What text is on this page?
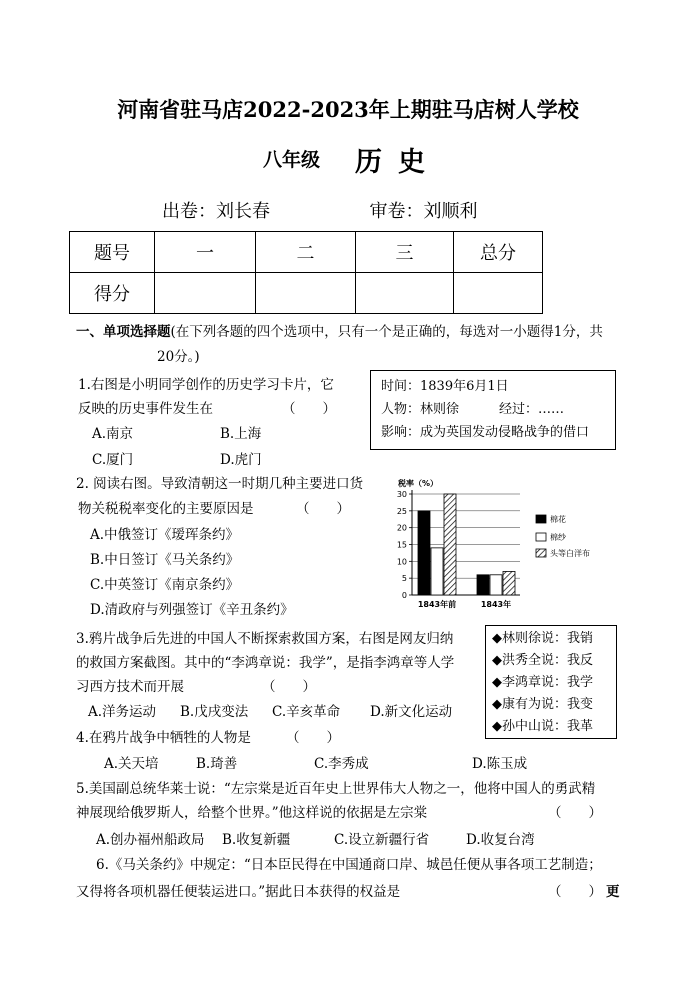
河南省驻马店2022-2023年上期驻马店树人学校
八年级 历史
出卷：刘长春	审卷：刘顺利
题号	一	二	三	总分
得分				
一、单项选择题(在下列各题的四个选项中，只有一个是正确的，每选对一小题得1分，共
20分。)
1.右图是小明同学创作的历史学习卡片，它
反映的历史事件发生在	（　　）
A.南京	B.上海
C.厦门	D.虎门
时间：1839年6月1日
人物：林则徐	经过：……
影响：成为英国发动侵略战争的借口
2. 阅读右图。导致清朝这一时期几种主要进口货
物关税税率变化的主要原因是	（　　）
A.中俄签订《瑷珲条约》
B.中日签订《马关条约》
C.中英签订《南京条约》
D.清政府与列强签订《辛丑条约》
税率（%）
0
5
10
15
20
25
30
1843年前	1843年
棉花
棉纱
头等白洋布
3.鸦片战争后先进的中国人不断探索救国方案，右图是网友归纳
的救国方案截图。其中的“李鸿章说：我学”，是指李鸿章等人学
习西方技术而开展	（　　）
A.洋务运动 B.戊戌变法 C.辛亥革命 D.新文化运动
◆林则徐说：我销
◆洪秀全说：我反
◆李鸿章说：我学
◆康有为说：我变
◆孙中山说：我革
4.在鸦片战争中牺牲的人物是	（　　）
A.关天培	B.琦善	C.李秀成	D.陈玉成
5.美国副总统华莱士说：“左宗棠是近百年史上世界伟大人物之一，他将中国人的勇武精
神展现给俄罗斯人，给整个世界。”他这样说的依据是左宗棠	（　　）
A.创办福州船政局 B.收复新疆	C.设立新疆行省	D.收复台湾
6.《马关条约》中规定：“日本臣民得在中国通商口岸、城邑任便从事各项工艺制造；
又得将各项机器任便装运进口。”据此日本获得的权益是	（　　） 更
